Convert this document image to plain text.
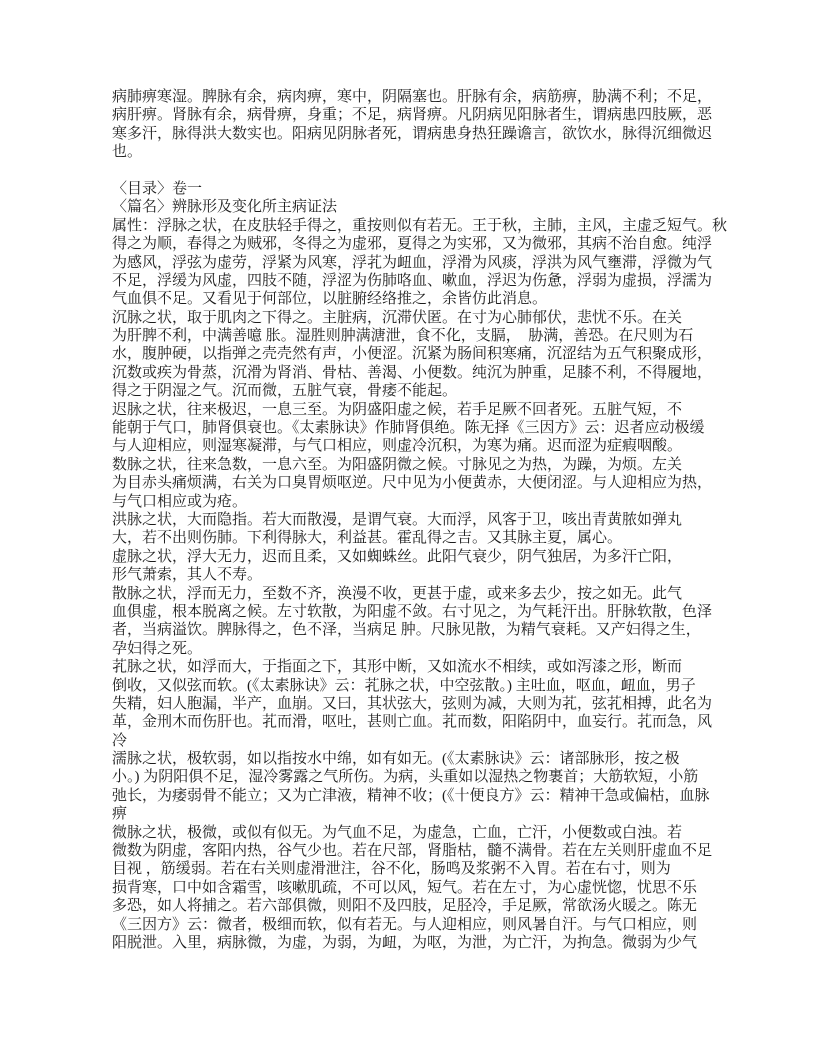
病肺痹寒湿。脾脉有余，病肉痹，寒中，阴隔塞也。肝脉有余，病筋痹，胁满不利；不足，
病肝痹。肾脉有余，病骨痹，身重；不足，病肾痹。凡阴病见阳脉者生，谓病患四肢厥，恶
寒多汗，脉得洪大数实也。阳病见阴脉者死，谓病患身热狂躁谵言，欲饮水，脉得沉细微迟
也。

〈目录〉卷一
〈篇名〉辨脉形及变化所主病证法
属性：浮脉之状，在皮肤轻手得之，重按则似有若无。王于秋，主肺，主风，主虚乏短气。秋
得之为顺，春得之为贼邪，冬得之为虚邪，夏得之为实邪，又为微邪，其病不治自愈。纯浮
为感风，浮弦为虚劳，浮紧为风寒，浮芤为衄血，浮滑为风痰，浮洪为风气壅滞，浮微为气
不足，浮缓为风虚，四肢不随，浮涩为伤肺咯血、嗽血，浮迟为伤惫，浮弱为虚损，浮濡为
气血俱不足。又看见于何部位，以脏腑经络推之，余皆仿此消息。
沉脉之状，取于肌肉之下得之。主脏病，沉滞伏匿。在寸为心肺郁伏，悲忧不乐。在关
为肝脾不利，中满善噫 胀。湿胜则肿满溏泄，食不化，支膈，　胁满，善恐。在尺则为石
水，腹肿硬，以指弹之壳壳然有声，小便涩。沉紧为肠间积寒痛，沉涩结为五气积聚成形，
沉数或疾为骨蒸，沉滑为肾消、骨枯、善渴、小便数。纯沉为肿重，足膝不利，不得履地，
得之于阴湿之气。沉而微，五脏气衰，骨痿不能起。
迟脉之状，往来极迟，一息三至。为阴盛阳虚之候，若手足厥不回者死。五脏气短，不
能朝于气口，肺肾俱衰也。《太素脉诀》作肺肾俱绝。陈无择《三因方》云：迟者应动极缓
与人迎相应，则湿寒凝滞，与气口相应，则虚冷沉积，为寒为痛。迟而涩为症瘕咽酸。
数脉之状，往来急数，一息六至。为阳盛阴微之候。寸脉见之为热，为躁，为烦。左关
为目赤头痛烦满，右关为口臭胃烦呕逆。尺中见为小便黄赤，大便闭涩。与人迎相应为热，
与气口相应或为疮。
洪脉之状，大而隐指。若大而散漫，是谓气衰。大而浮，风客于卫，咳出青黄脓如弹丸
大，若不出则伤肺。下利得脉大，利益甚。霍乱得之吉。又其脉主夏，属心。
虚脉之状，浮大无力，迟而且柔，又如蜘蛛丝。此阳气衰少，阴气独居，为多汗亡阳，
形气萧索，其人不寿。
散脉之状，浮而无力，至数不齐，涣漫不收，更甚于虚，或来多去少，按之如无。此气
血俱虚，根本脱离之候。左寸软散，为阳虚不敛。右寸见之，为气耗汗出。肝脉软散，色泽
者，当病溢饮。脾脉得之，色不泽，当病足 肿。尺脉见散，为精气衰耗。又产妇得之生，
孕妇得之死。
芤脉之状，如浮而大，于指面之下，其形中断，又如流水不相续，或如泻漆之形，断而
倒收，又似弦而软。(《太素脉诀》云：芤脉之状，中空弦散。) 主吐血，呕血，衄血，男子
失精，妇人胞漏，半产，血崩。又曰，其状弦大，弦则为减，大则为芤，弦芤相搏，此名为
革，金刑木而伤肝也。芤而滑，呕吐，甚则亡血。芤而数，阳陷阴中，血妄行。芤而急，风
冷
濡脉之状，极软弱，如以指按水中绵，如有如无。(《太素脉诀》云：诸部脉形，按之极
小。) 为阴阳俱不足，湿冷雾露之气所伤。为病，头重如以湿热之物裹首；大筋软短，小筋
弛长，为痿弱骨不能立；又为亡津液，精神不收；(《十便良方》云：精神干急或偏枯，血脉
痹
微脉之状，极微，或似有似无。为气血不足，为虚急，亡血，亡汗，小便数或白浊。若
微数为阴虚，客阳内热，谷气少也。若在尺部，肾脂枯，髓不满骨。若在左关则肝虚血不足
目视 ，筋缓弱。若在右关则虚滑泄注，谷不化，肠鸣及浆粥不入胃。若在右寸，则为
损背寒，口中如含霜雪，咳嗽肌疏，不可以风，短气。若在左寸，为心虚恍惚，忧思不乐
多恐，如人将捕之。若六部俱微，则阳不及四肢，足胫冷，手足厥，常欲汤火暖之。陈无
《三因方》云：微者，极细而软，似有若无。与人迎相应，则风暑自汗。与气口相应，则
阳脱泄。入里，病脉微，为虚，为弱，为衄，为呕，为泄，为亡汗，为拘急。微弱为少气
